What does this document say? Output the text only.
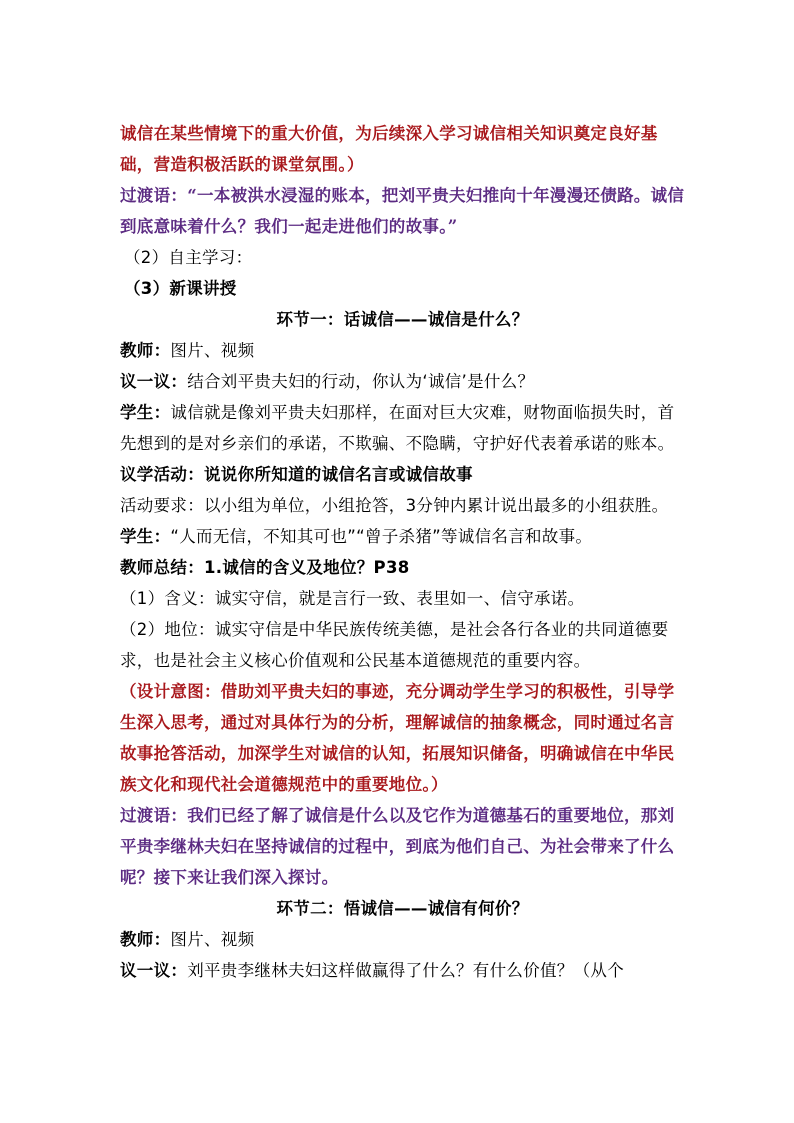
诚信在某些情境下的重大价值，为后续深入学习诚信相关知识奠定良好基础，营造积极活跃的课堂氛围。）

过渡语：“一本被洪水浸湿的账本，把刘平贵夫妇推向十年漫漫还债路。诚信到底意味着什么？我们一起走进他们的故事。”

（2）自主学习：

（3）新课讲授

环节一：话诚信——诚信是什么？

教师：图片、视频

议一议：结合刘平贵夫妇的行动，你认为‘诚信’是什么？

学生：诚信就是像刘平贵夫妇那样，在面对巨大灾难，财物面临损失时，首先想到的是对乡亲们的承诺，不欺骗、不隐瞒，守护好代表着承诺的账本。

议学活动：说说你所知道的诚信名言或诚信故事

活动要求：以小组为单位，小组抢答，3分钟内累计说出最多的小组获胜。

学生：“人而无信，不知其可也”“曾子杀猪”等诚信名言和故事。

教师总结：1.诚信的含义及地位？P38

（1）含义：诚实守信，就是言行一致、表里如一、信守承诺。

（2）地位：诚实守信是中华民族传统美德，是社会各行各业的共同道德要求，也是社会主义核心价值观和公民基本道德规范的重要内容。

（设计意图：借助刘平贵夫妇的事迹，充分调动学生学习的积极性，引导学生深入思考，通过对具体行为的分析，理解诚信的抽象概念，同时通过名言故事抢答活动，加深学生对诚信的认知，拓展知识储备，明确诚信在中华民族文化和现代社会道德规范中的重要地位。）

过渡语：我们已经了解了诚信是什么以及它作为道德基石的重要地位，那刘平贵李继林夫妇在坚持诚信的过程中，到底为他们自己、为社会带来了什么呢？接下来让我们深入探讨。

环节二：悟诚信——诚信有何价？

教师：图片、视频

议一议：刘平贵李继林夫妇这样做赢得了什么？有什么价值？（从个
